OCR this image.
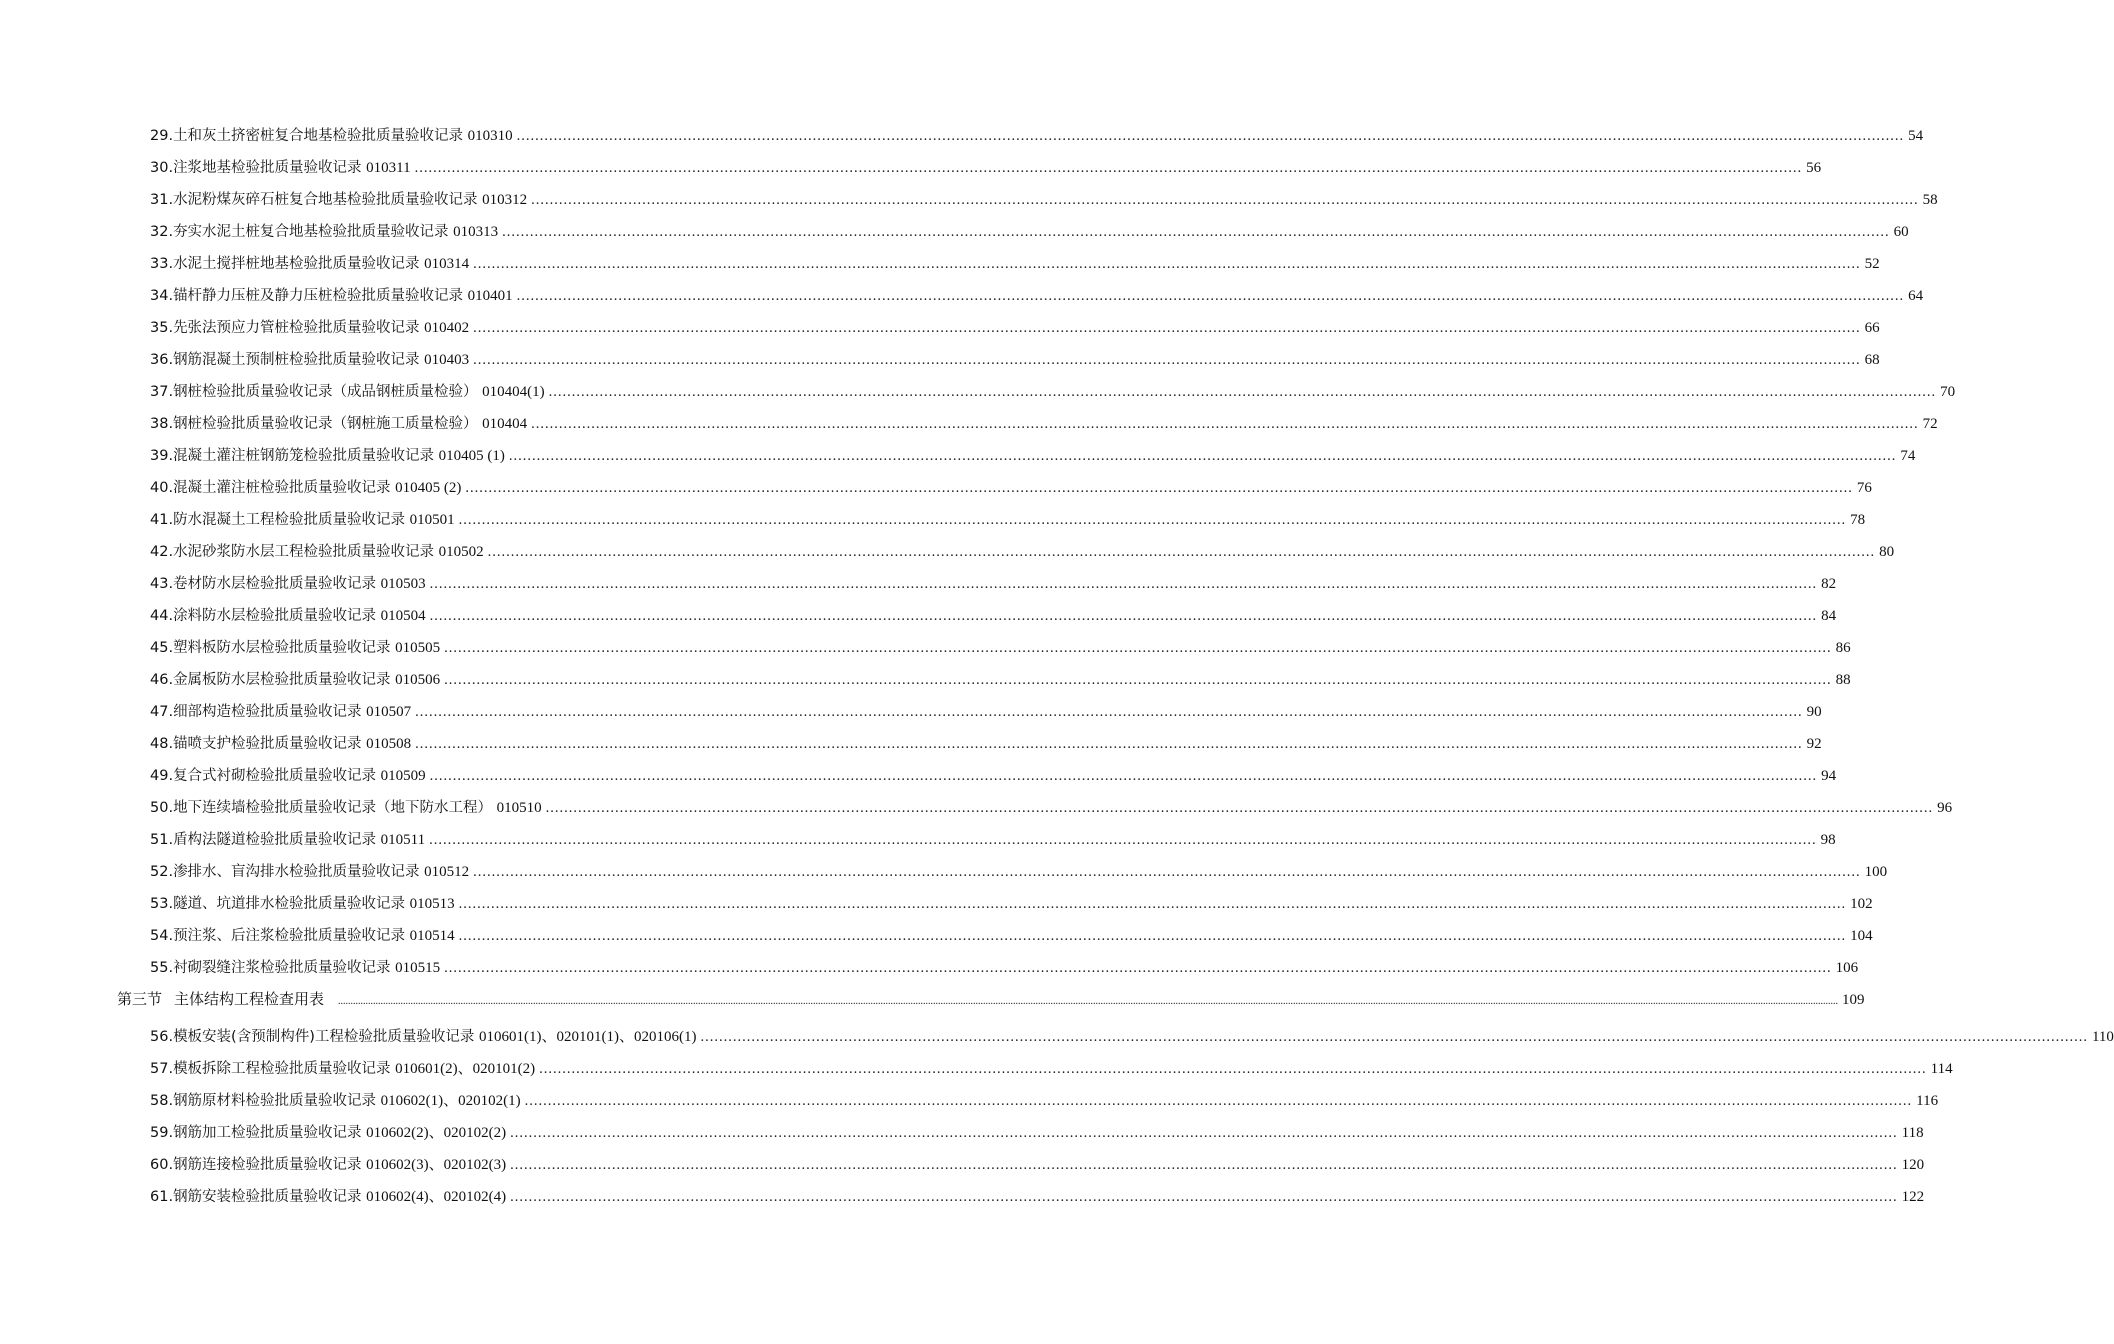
29.土和灰土挤密桩复合地基检验批质量验收记录 010310 ............................................................................................................................................................................................................................................................................................................ 54
30.注浆地基检验批质量验收记录 010311 ............................................................................................................................................................................................................................................................................................................ 56
31.水泥粉煤灰碎石桩复合地基检验批质量验收记录 010312 ............................................................................................................................................................................................................................................................................................................ 58
32.夯实水泥土桩复合地基检验批质量验收记录 010313 ............................................................................................................................................................................................................................................................................................................ 60
33.水泥土搅拌桩地基检验批质量验收记录 010314 ............................................................................................................................................................................................................................................................................................................ 52
34.锚杆静力压桩及静力压桩检验批质量验收记录 010401 ............................................................................................................................................................................................................................................................................................................ 64
35.先张法预应力管桩检验批质量验收记录 010402 ............................................................................................................................................................................................................................................................................................................ 66
36.钢筋混凝土预制桩检验批质量验收记录 010403 ............................................................................................................................................................................................................................................................................................................ 68
37.钢桩检验批质量验收记录（成品钢桩质量检验） 010404(1) ............................................................................................................................................................................................................................................................................................................ 70
38.钢桩检验批质量验收记录（钢桩施工质量检验） 010404 ............................................................................................................................................................................................................................................................................................................ 72
39.混凝土灌注桩钢筋笼检验批质量验收记录 010405 (1) ............................................................................................................................................................................................................................................................................................................ 74
40.混凝土灌注桩检验批质量验收记录 010405 (2) ............................................................................................................................................................................................................................................................................................................ 76
41.防水混凝土工程检验批质量验收记录 010501 ............................................................................................................................................................................................................................................................................................................ 78
42.水泥砂浆防水层工程检验批质量验收记录 010502 ............................................................................................................................................................................................................................................................................................................ 80
43.卷材防水层检验批质量验收记录 010503 ............................................................................................................................................................................................................................................................................................................ 82
44.涂料防水层检验批质量验收记录 010504 ............................................................................................................................................................................................................................................................................................................ 84
45.塑料板防水层检验批质量验收记录 010505 ............................................................................................................................................................................................................................................................................................................ 86
46.金属板防水层检验批质量验收记录 010506 ............................................................................................................................................................................................................................................................................................................ 88
47.细部构造检验批质量验收记录 010507 ............................................................................................................................................................................................................................................................................................................ 90
48.锚喷支护检验批质量验收记录 010508 ............................................................................................................................................................................................................................................................................................................ 92
49.复合式衬砌检验批质量验收记录 010509 ............................................................................................................................................................................................................................................................................................................ 94
50.地下连续墙检验批质量验收记录（地下防水工程） 010510 ............................................................................................................................................................................................................................................................................................................ 96
51.盾构法隧道检验批质量验收记录 010511 ............................................................................................................................................................................................................................................................................................................ 98
52.渗排水、盲沟排水检验批质量验收记录 010512 ............................................................................................................................................................................................................................................................................................................ 100
53.隧道、坑道排水检验批质量验收记录 010513 ............................................................................................................................................................................................................................................................................................................ 102
54.预注浆、后注浆检验批质量验收记录 010514 ............................................................................................................................................................................................................................................................................................................ 104
55.衬砌裂缝注浆检验批质量验收记录 010515 ............................................................................................................................................................................................................................................................................................................ 106
第三节 主体结构工程检查用表 ........................................................................................................................................................................................................................................................................................................................................................................................................................................................................................................................................................................................................................ 109
56.模板安装(含预制构件)工程检验批质量验收记录 010601(1)、020101(1)、020106(1) ............................................................................................................................................................................................................................................................................................................ 110
57.模板拆除工程检验批质量验收记录 010601(2)、020101(2) ............................................................................................................................................................................................................................................................................................................ 114
58.钢筋原材料检验批质量验收记录 010602(1)、020102(1) ............................................................................................................................................................................................................................................................................................................ 116
59.钢筋加工检验批质量验收记录 010602(2)、020102(2) ............................................................................................................................................................................................................................................................................................................ 118
60.钢筋连接检验批质量验收记录 010602(3)、020102(3) ............................................................................................................................................................................................................................................................................................................ 120
61.钢筋安装检验批质量验收记录 010602(4)、020102(4) ............................................................................................................................................................................................................................................................................................................ 122
